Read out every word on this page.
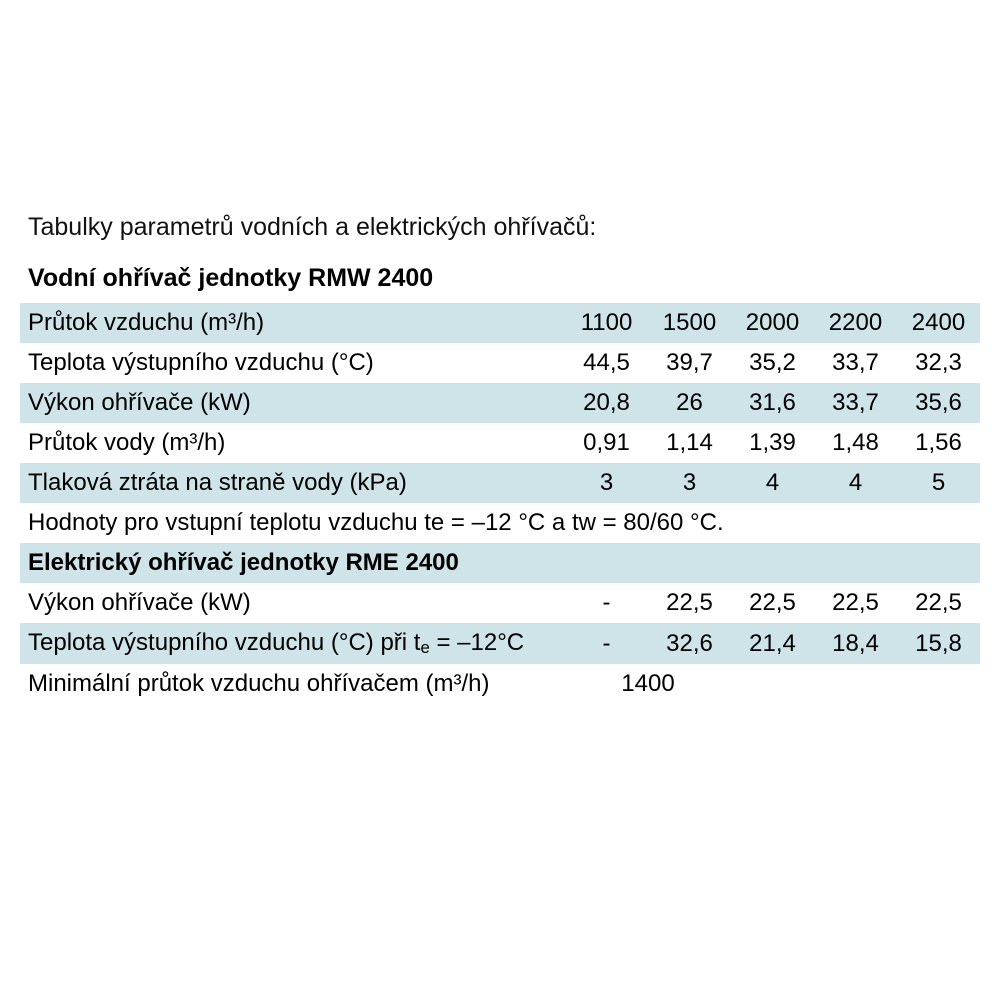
Tabulky parametrů vodních a elektrických ohřívačů:

Vodní ohřívač jednotky RMW 2400
Průtok vzduchu (m³/h)	1100	1500	2000	2200	2400
Teplota výstupního vzduchu (°C)	44,5	39,7	35,2	33,7	32,3
Výkon ohřívače (kW)	20,8	26	31,6	33,7	35,6
Průtok vody (m³/h)	0,91	1,14	1,39	1,48	1,56
Tlaková ztráta na straně vody (kPa)	3	3	4	4	5
Hodnoty pro vstupní teplotu vzduchu te = –12 °C a tw = 80/60 °C.					
Elektrický ohřívač jednotky RME 2400					
Výkon ohřívače (kW)	-	22,5	22,5	22,5	22,5
Teplota výstupního vzduchu (°C) při te = –12°C	-	32,6	21,4	18,4	15,8
Minimální průtok vzduchu ohřívačem (m³/h)	1400				
